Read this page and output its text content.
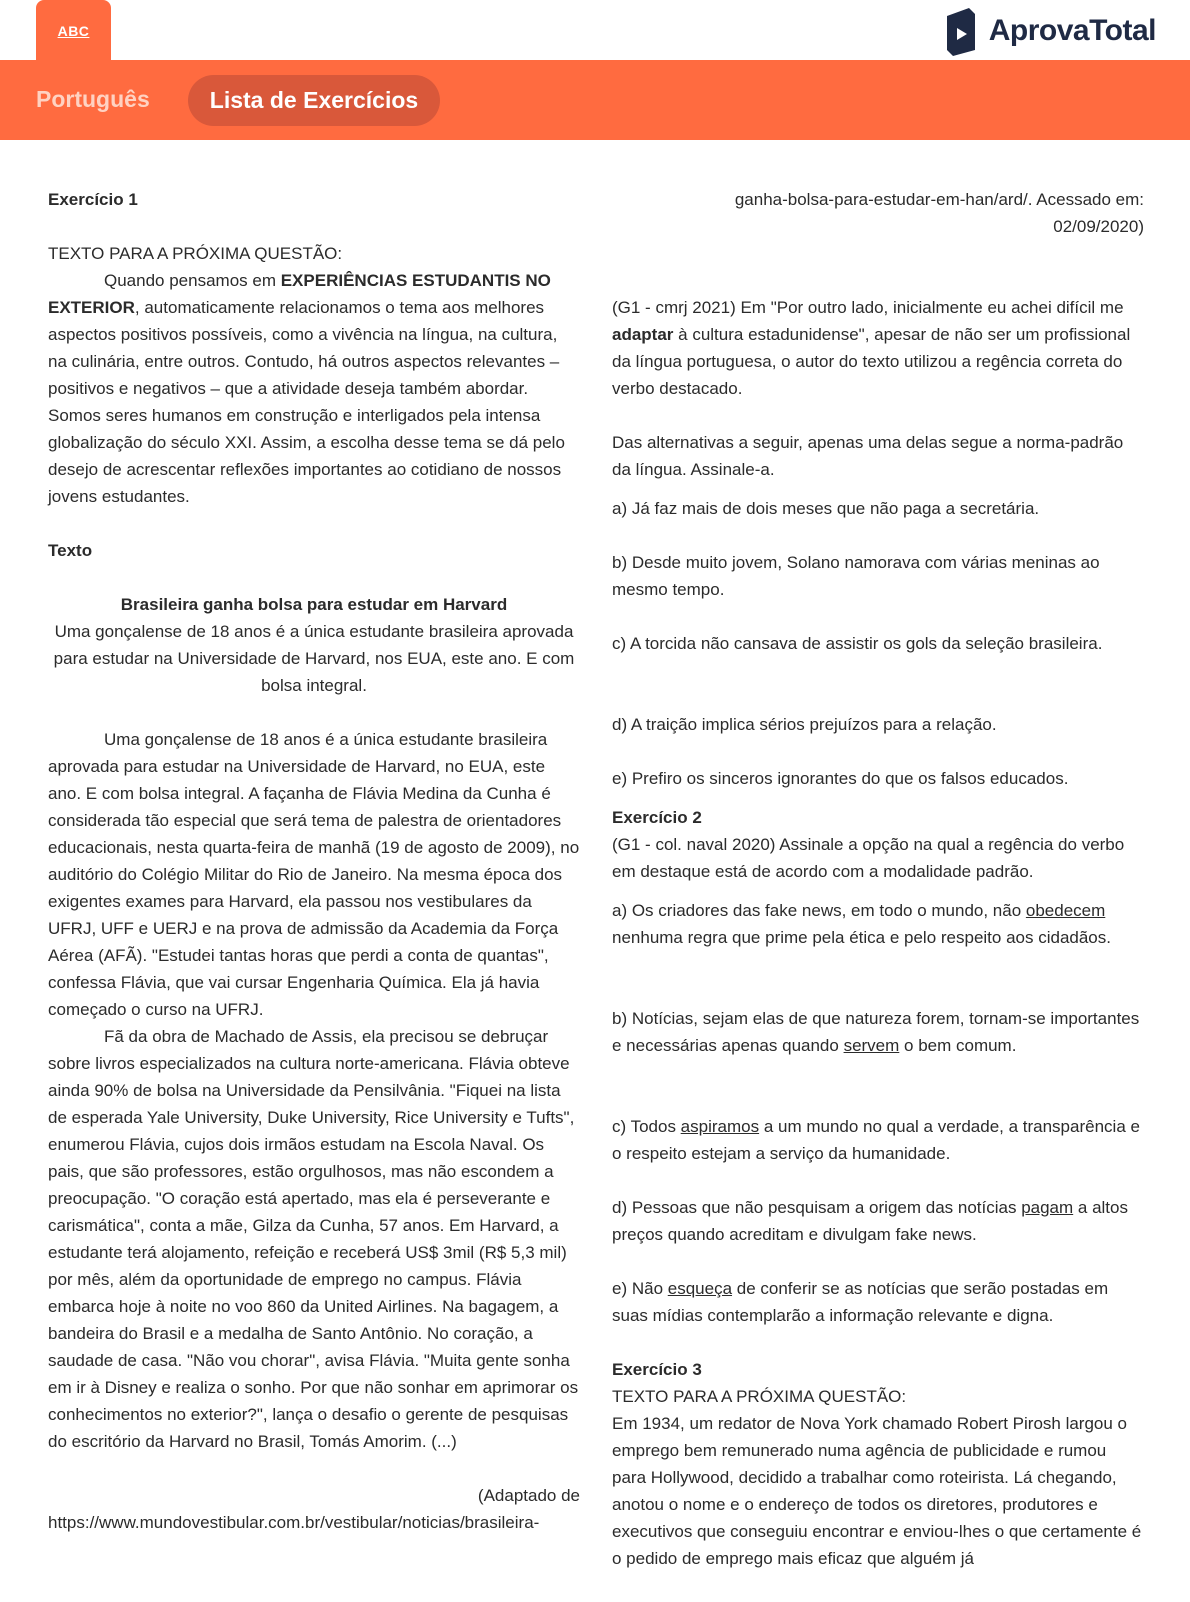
ABC	AprovaTotal
Português	Lista de Exercícios

Exercício 1

TEXTO PARA A PRÓXIMA QUESTÃO:

Quando pensamos em EXPERIÊNCIAS ESTUDANTIS NO EXTERIOR, automaticamente relacionamos o tema aos melhores aspectos positivos possíveis, como a vivência na língua, na cultura, na culinária, entre outros. Contudo, há outros aspectos relevantes – positivos e negativos – que a atividade deseja também abordar. Somos seres humanos em construção e interligados pela intensa globalização do século XXI. Assim, a escolha desse tema se dá pelo desejo de acrescentar reflexões importantes ao cotidiano de nossos jovens estudantes.

Texto

Brasileira ganha bolsa para estudar em Harvard

Uma gonçalense de 18 anos é a única estudante brasileira aprovada para estudar na Universidade de Harvard, nos EUA, este ano. E com bolsa integral.

Uma gonçalense de 18 anos é a única estudante brasileira aprovada para estudar na Universidade de Harvard, no EUA, este ano. E com bolsa integral. A façanha de Flávia Medina da Cunha é considerada tão especial que será tema de palestra de orientadores educacionais, nesta quarta-feira de manhã (19 de agosto de 2009), no auditório do Colégio Militar do Rio de Janeiro. Na mesma época dos exigentes exames para Harvard, ela passou nos vestibulares da UFRJ, UFF e UERJ e na prova de admissão da Academia da Força Aérea (AFÃ). "Estudei tantas horas que perdi a conta de quantas", confessa Flávia, que vai cursar Engenharia Química. Ela já havia começado o curso na UFRJ.

Fã da obra de Machado de Assis, ela precisou se debruçar sobre livros especializados na cultura norte-americana. Flávia obteve ainda 90% de bolsa na Universidade da Pensilvânia. "Fiquei na lista de esperada Yale University, Duke University, Rice University e Tufts", enumerou Flávia, cujos dois irmãos estudam na Escola Naval. Os pais, que são professores, estão orgulhosos, mas não escondem a preocupação. "O coração está apertado, mas ela é perseverante e carismática", conta a mãe, Gilza da Cunha, 57 anos. Em Harvard, a estudante terá alojamento, refeição e receberá US$ 3mil (R$ 5,3 mil) por mês, além da oportunidade de emprego no campus. Flávia embarca hoje à noite no voo 860 da United Airlines. Na bagagem, a bandeira do Brasil e a medalha de Santo Antônio. No coração, a saudade de casa. "Não vou chorar", avisa Flávia. "Muita gente sonha em ir à Disney e realiza o sonho. Por que não sonhar em aprimorar os conhecimentos no exterior?", lança o desafio o gerente de pesquisas do escritório da Harvard no Brasil, Tomás Amorim. (...)

(Adaptado de

https://www.mundovestibular.com.br/vestibular/noticias/brasileira-

ganha-bolsa-para-estudar-em-han/ard/. Acessado em:

02/09/2020)

(G1 - cmrj 2021) Em "Por outro lado, inicialmente eu achei difícil me adaptar à cultura estadunidense", apesar de não ser um profissional da língua portuguesa, o autor do texto utilizou a regência correta do verbo destacado.

Das alternativas a seguir, apenas uma delas segue a norma-padrão da língua. Assinale-a.

a) Já faz mais de dois meses que não paga a secretária.

b) Desde muito jovem, Solano namorava com várias meninas ao mesmo tempo.

c) A torcida não cansava de assistir os gols da seleção brasileira.

d) A traição implica sérios prejuízos para a relação.

e) Prefiro os sinceros ignorantes do que os falsos educados.

Exercício 2

(G1 - col. naval 2020) Assinale a opção na qual a regência do verbo em destaque está de acordo com a modalidade padrão.

a) Os criadores das fake news, em todo o mundo, não obedecem nenhuma regra que prime pela ética e pelo respeito aos cidadãos.

b) Notícias, sejam elas de que natureza forem, tornam-se importantes e necessárias apenas quando servem o bem comum.

c) Todos aspiramos a um mundo no qual a verdade, a transparência e o respeito estejam a serviço da humanidade.

d) Pessoas que não pesquisam a origem das notícias pagam a altos preços quando acreditam e divulgam fake news.

e) Não esqueça de conferir se as notícias que serão postadas em suas mídias contemplarão a informação relevante e digna.

Exercício 3

TEXTO PARA A PRÓXIMA QUESTÃO:

Em 1934, um redator de Nova York chamado Robert Pirosh largou o emprego bem remunerado numa agência de publicidade e rumou para Hollywood, decidido a trabalhar como roteirista. Lá chegando, anotou o nome e o endereço de todos os diretores, produtores e executivos que conseguiu encontrar e enviou-lhes o que certamente é o pedido de emprego mais eficaz que alguém já
